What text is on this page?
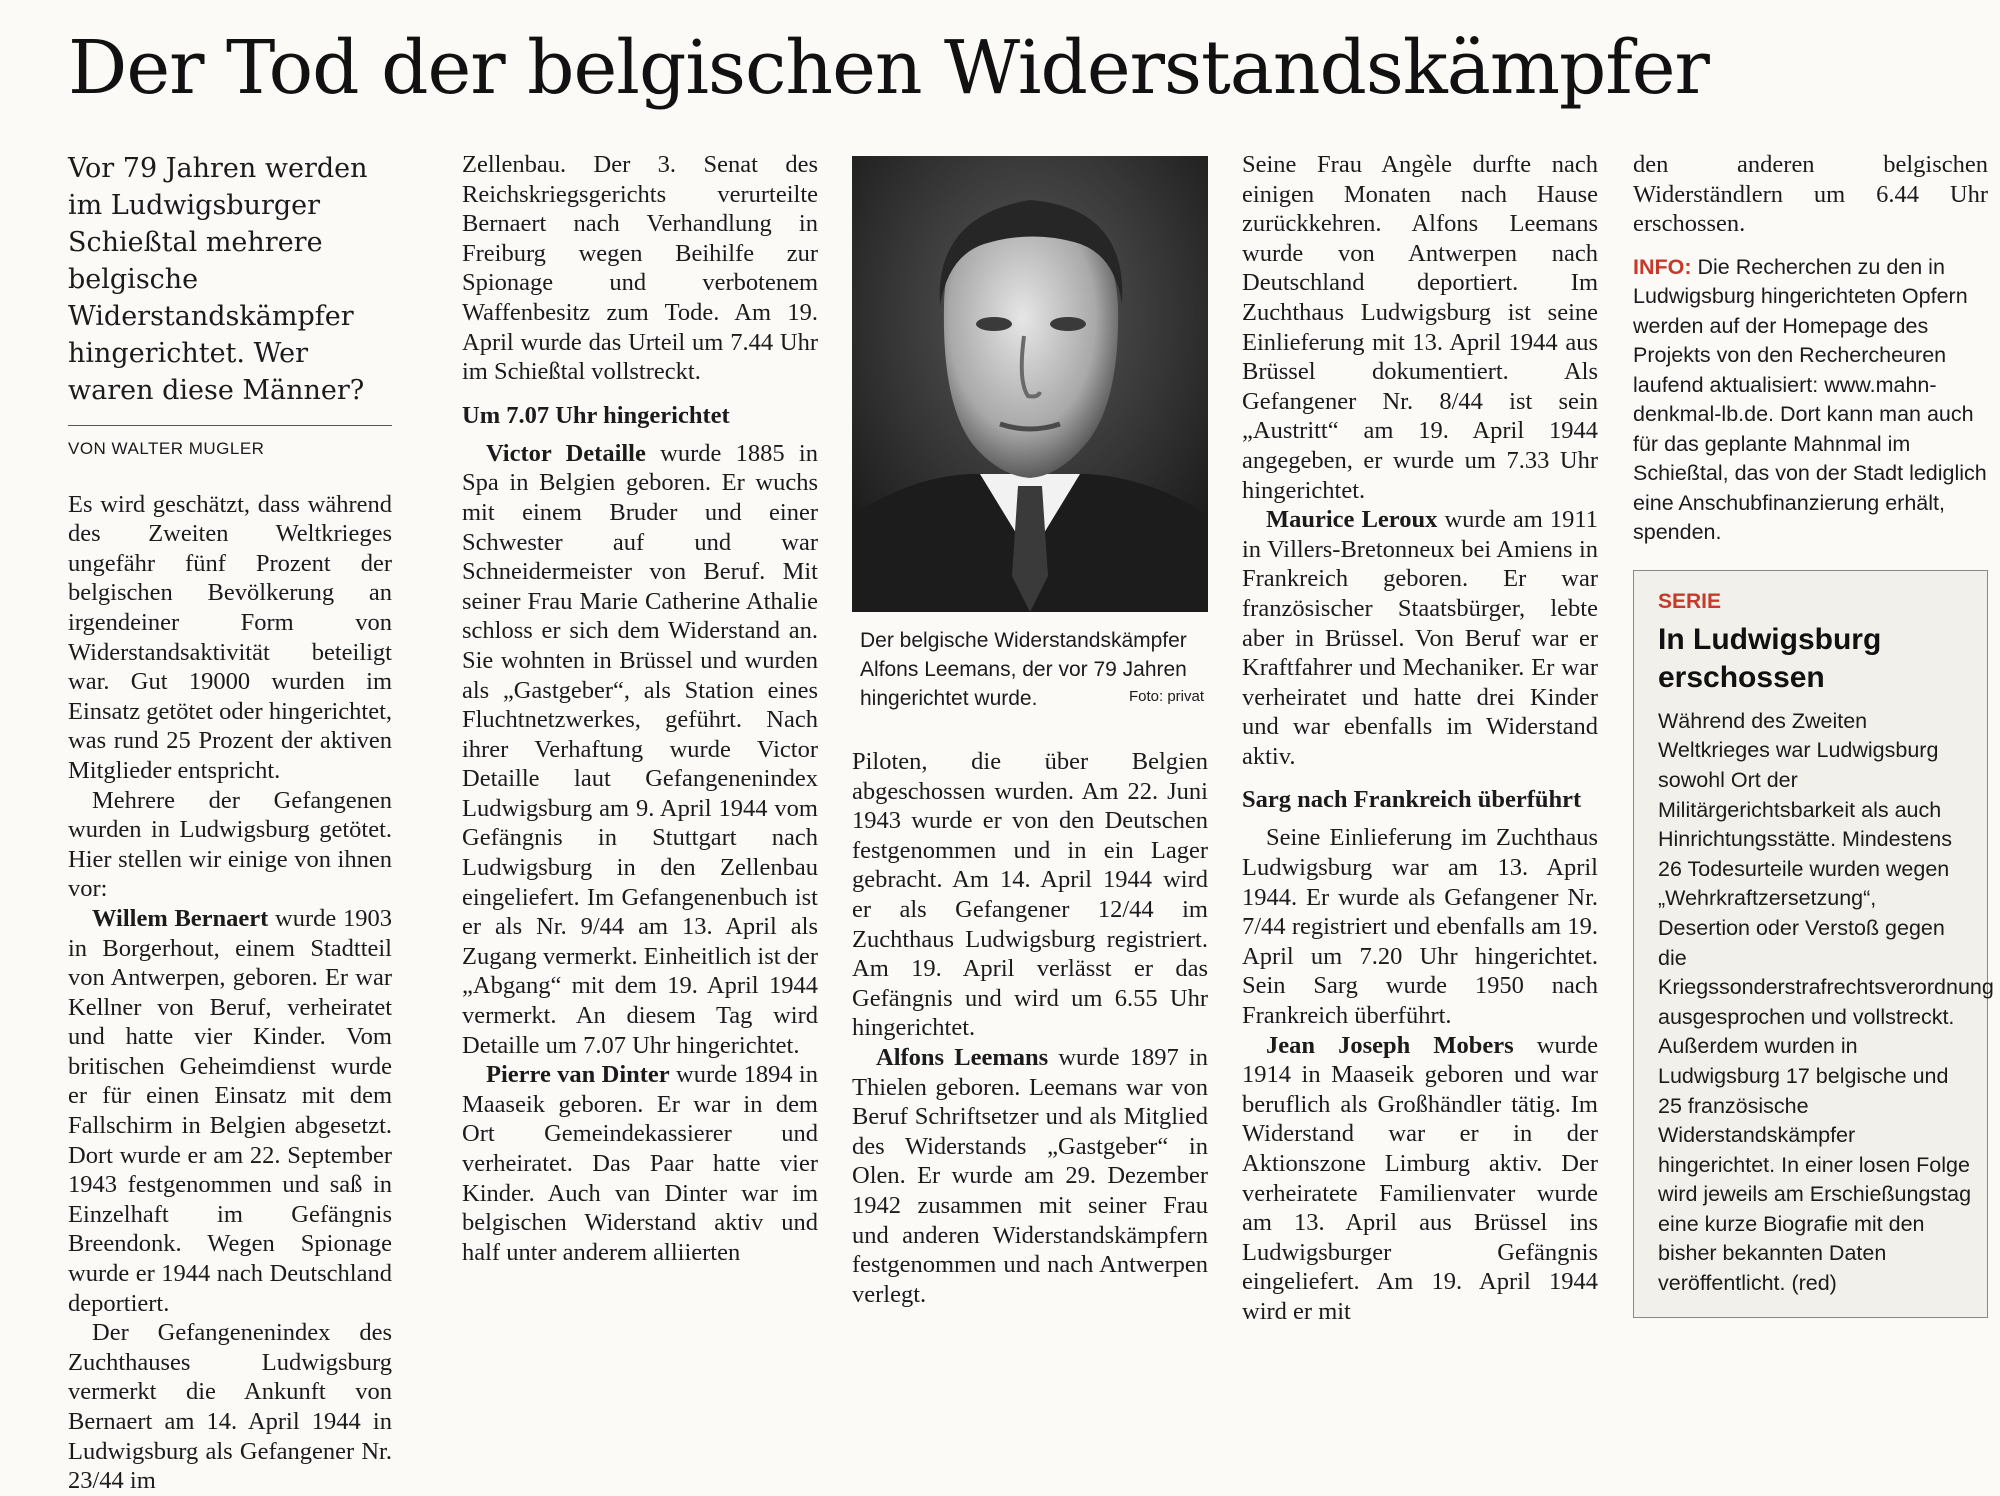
Der Tod der belgischen Widerstandskämpfer

Vor 79 Jahren werden im Ludwigsburger Schießtal mehrere belgische Widerstandskämpfer hingerichtet. Wer waren diese Männer?

VON WALTER MUGLER

Es wird geschätzt, dass während des Zweiten Weltkrieges ungefähr fünf Prozent der belgischen Bevölkerung an irgendeiner Form von Widerstandsaktivität beteiligt war. Gut 19000 wurden im Einsatz getötet oder hingerichtet, was rund 25 Prozent der aktiven Mitglieder entspricht.

Mehrere der Gefangenen wurden in Ludwigsburg getötet. Hier stellen wir einige von ihnen vor:

Willem Bernaert wurde 1903 in Borgerhout, einem Stadtteil von Antwerpen, geboren. Er war Kellner von Beruf, verheiratet und hatte vier Kinder. Vom britischen Geheimdienst wurde er für einen Einsatz mit dem Fallschirm in Belgien abgesetzt. Dort wurde er am 22. September 1943 festgenommen und saß in Einzelhaft im Gefängnis Breendonk. Wegen Spionage wurde er 1944 nach Deutschland deportiert.

Der Gefangenenindex des Zuchthauses Ludwigsburg vermerkt die Ankunft von Bernaert am 14. April 1944 in Ludwigsburg als Gefangener Nr. 23/44 im

Zellenbau. Der 3. Senat des Reichskriegsgerichts verurteilte Bernaert nach Verhandlung in Freiburg wegen Beihilfe zur Spionage und verbotenem Waffenbesitz zum Tode. Am 19. April wurde das Urteil um 7.44 Uhr im Schießtal vollstreckt.

Um 7.07 Uhr hingerichtet

Victor Detaille wurde 1885 in Spa in Belgien geboren. Er wuchs mit einem Bruder und einer Schwester auf und war Schneidermeister von Beruf. Mit seiner Frau Marie Catherine Athalie schloss er sich dem Widerstand an. Sie wohnten in Brüssel und wurden als „Gastgeber“, als Station eines Fluchtnetzwerkes, geführt. Nach ihrer Verhaftung wurde Victor Detaille laut Gefangenenindex Ludwigsburg am 9. April 1944 vom Gefängnis in Stuttgart nach Ludwigsburg in den Zellenbau eingeliefert. Im Gefangenenbuch ist er als Nr. 9/44 am 13. April als Zugang vermerkt. Einheitlich ist der „Abgang“ mit dem 19. April 1944 vermerkt. An diesem Tag wird Detaille um 7.07 Uhr hingerichtet.

Pierre van Dinter wurde 1894 in Maaseik geboren. Er war in dem Ort Gemeindekassierer und verheiratet. Das Paar hatte vier Kinder. Auch van Dinter war im belgischen Widerstand aktiv und half unter anderem alliierten

Der belgische Widerstandskämpfer Alfons Leemans, der vor 79 Jahren hingerichtet wurde.	Foto: privat

Piloten, die über Belgien abgeschossen wurden. Am 22. Juni 1943 wurde er von den Deutschen festgenommen und in ein Lager gebracht. Am 14. April 1944 wird er als Gefangener 12/44 im Zuchthaus Ludwigsburg registriert. Am 19. April verlässt er das Gefängnis und wird um 6.55 Uhr hingerichtet.

Alfons Leemans wurde 1897 in Thielen geboren. Leemans war von Beruf Schriftsetzer und als Mitglied des Widerstands „Gastgeber“ in Olen. Er wurde am 29. Dezember 1942 zusammen mit seiner Frau und anderen Widerstandskämpfern festgenommen und nach Antwerpen verlegt.

Seine Frau Angèle durfte nach einigen Monaten nach Hause zurückkehren. Alfons Leemans wurde von Antwerpen nach Deutschland deportiert. Im Zuchthaus Ludwigsburg ist seine Einlieferung mit 13. April 1944 aus Brüssel dokumentiert. Als Gefangener Nr. 8/44 ist sein „Austritt“ am 19. April 1944 angegeben, er wurde um 7.33 Uhr hingerichtet.

Maurice Leroux wurde am 1911 in Villers-Bretonneux bei Amiens in Frankreich geboren. Er war französischer Staatsbürger, lebte aber in Brüssel. Von Beruf war er Kraftfahrer und Mechaniker. Er war verheiratet und hatte drei Kinder und war ebenfalls im Widerstand aktiv.

Sarg nach Frankreich überführt

Seine Einlieferung im Zuchthaus Ludwigsburg war am 13. April 1944. Er wurde als Gefangener Nr. 7/44 registriert und ebenfalls am 19. April um 7.20 Uhr hingerichtet. Sein Sarg wurde 1950 nach Frankreich überführt.

Jean Joseph Mobers wurde 1914 in Maaseik geboren und war beruflich als Großhändler tätig. Im Widerstand war er in der Aktionszone Limburg aktiv. Der verheiratete Familienvater wurde am 13. April aus Brüssel ins Ludwigsburger Gefängnis eingeliefert. Am 19. April 1944 wird er mit

den anderen belgischen Widerständlern um 6.44 Uhr erschossen.

INFO: Die Recherchen zu den in Ludwigsburg hingerichteten Opfern werden auf der Homepage des Projekts von den Rechercheuren laufend aktualisiert: www.mahn-denkmal-lb.de. Dort kann man auch für das geplante Mahnmal im Schießtal, das von der Stadt lediglich eine Anschubfinanzierung erhält, spenden.

SERIE

In Ludwigsburg erschossen

Während des Zweiten Weltkrieges war Ludwigsburg sowohl Ort der Militärgerichtsbarkeit als auch Hinrichtungsstätte. Mindestens 26 Todesurteile wurden wegen „Wehrkraftzersetzung“, Desertion oder Verstoß gegen die Kriegssonderstrafrechtsverordnung ausgesprochen und vollstreckt. Außerdem wurden in Ludwigsburg 17 belgische und 25 französische Widerstandskämpfer hingerichtet. In einer losen Folge wird jeweils am Erschießungstag eine kurze Biografie mit den bisher bekannten Daten veröffentlicht. (red)
